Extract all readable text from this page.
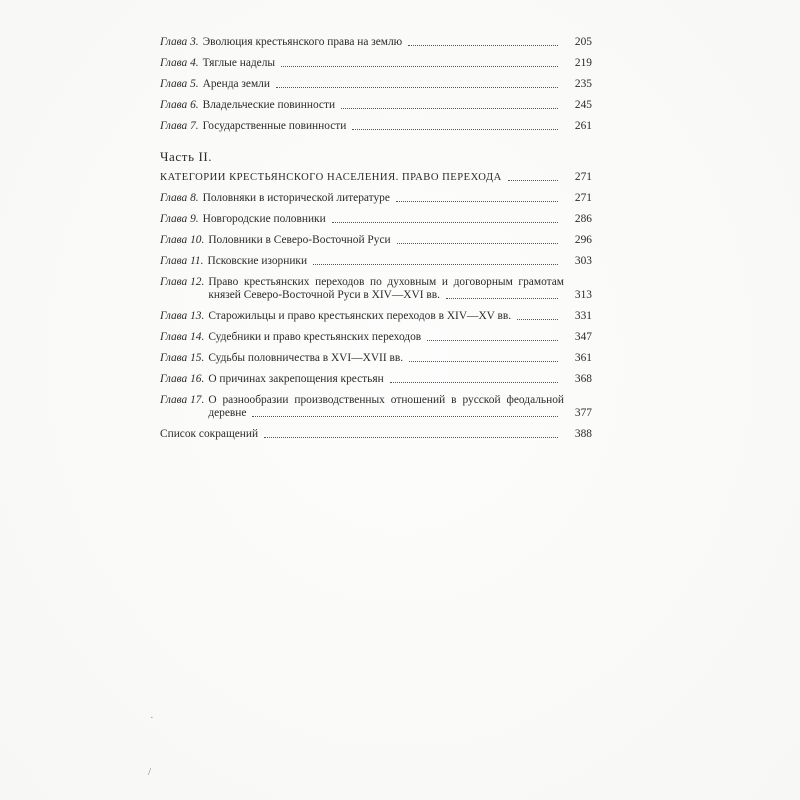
Глава 3. Эволюция крестьянского права на землю	205
Глава 4. Тяглые наделы	219
Глава 5. Аренда земли	235
Глава 6. Владельческие повинности	245
Глава 7. Государственные повинности	261
Часть II.
КАТЕГОРИИ КРЕСТЬЯНСКОГО НАСЕЛЕНИЯ. ПРАВО ПЕРЕХОДА	271
Глава 8. Половняки в исторической литературе	271
Глава 9. Новгородские половники	286
Глава 10. Половники в Северо-Восточной Руси	296
Глава 11. Псковские изорники	303
Глава 12. Право крестьянских переходов по духовным и договорным грамотам
князей Северо-Восточной Руси в XIV—XVI вв.	313
Глава 13. Старожильцы и право крестьянских переходов в XIV—XV вв.	331
Глава 14. Судебники и право крестьянских переходов	347
Глава 15. Судьбы половничества в XVI—XVII вв.	361
Глава 16. О причинах закрепощения крестьян	368
Глава 17. О разнообразии производственных отношений в русской феодальной
деревне	377
Список сокращений	388
·
/
